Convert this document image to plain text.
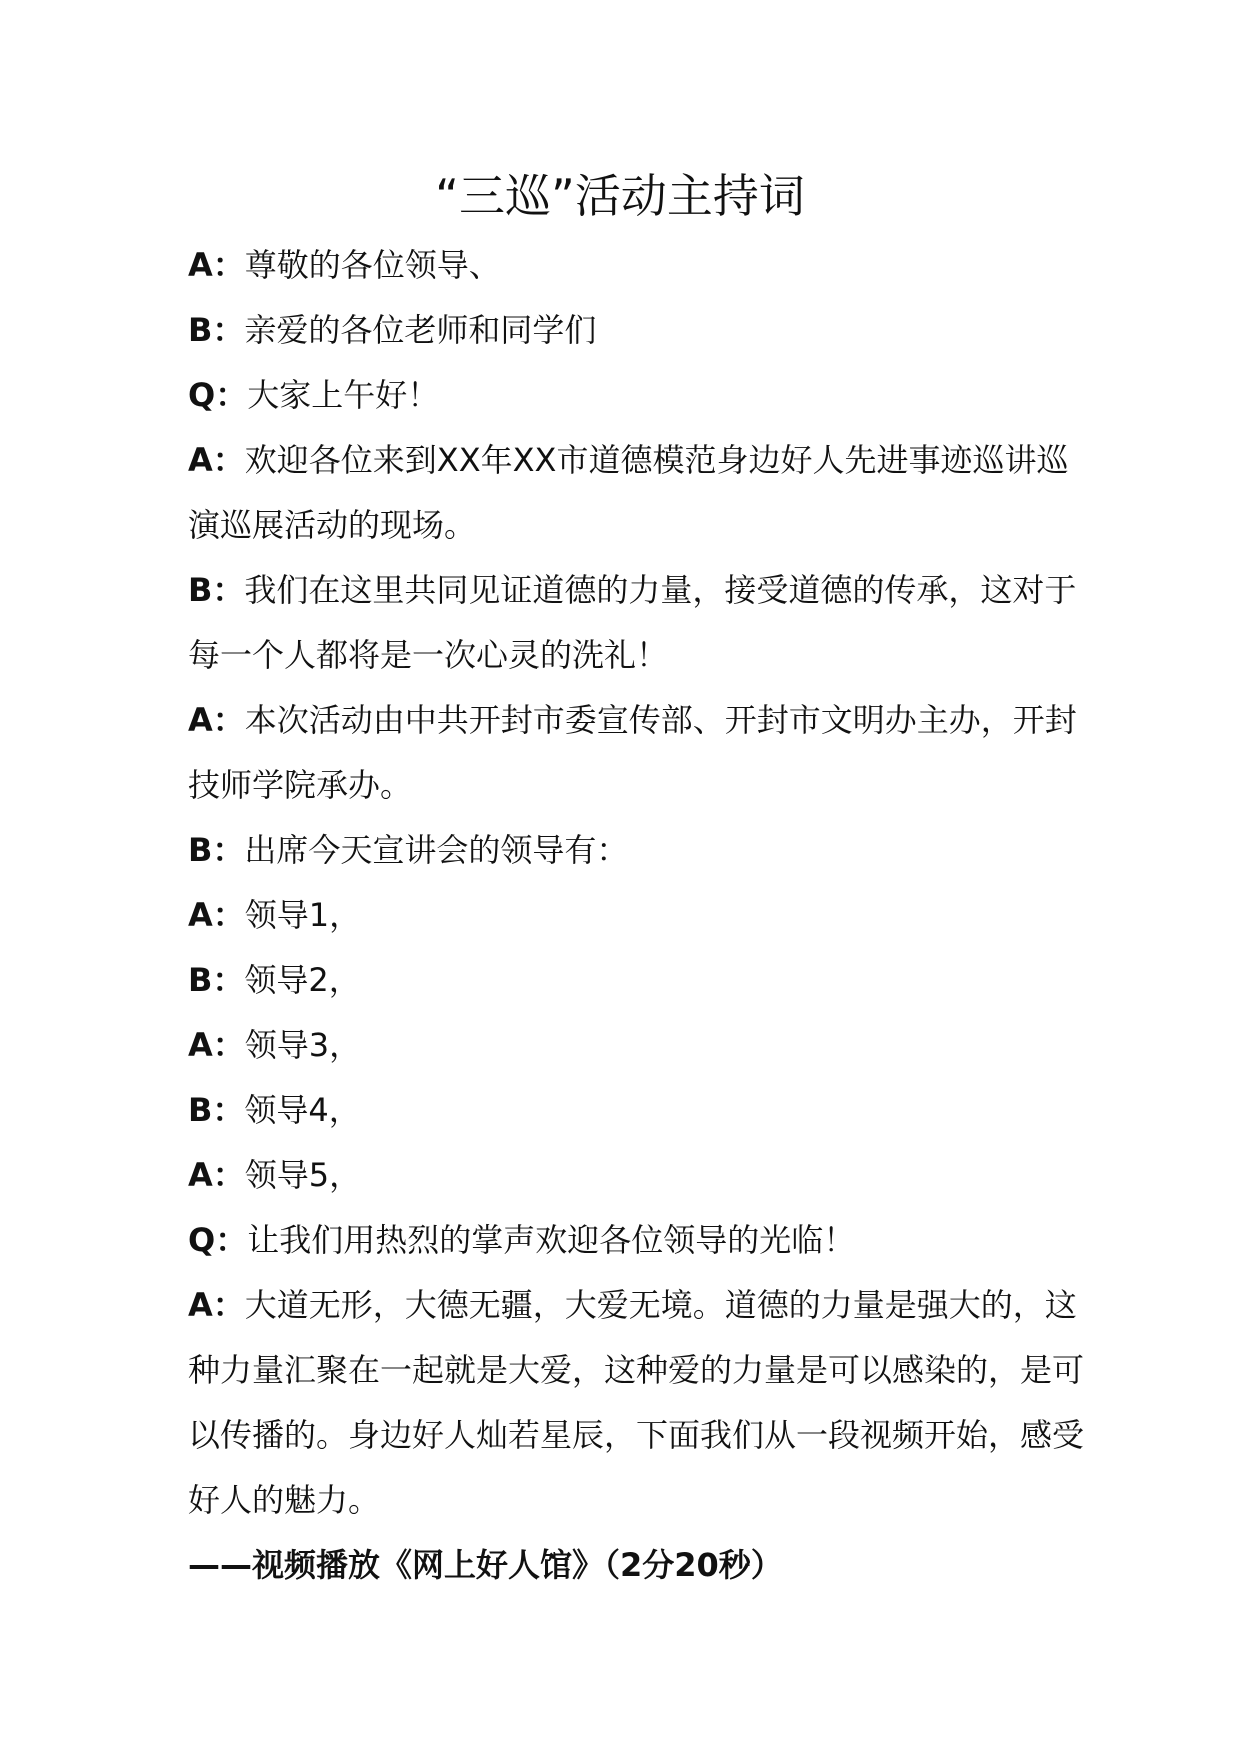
“三巡”活动主持词

A：尊敬的各位领导、

B：亲爱的各位老师和同学们

Q：大家上午好！

A：欢迎各位来到XX年XX市道德模范身边好人先进事迹巡讲巡演巡展活动的现场。

B：我们在这里共同见证道德的力量，接受道德的传承，这对于每一个人都将是一次心灵的洗礼！

A：本次活动由中共开封市委宣传部、开封市文明办主办，开封技师学院承办。

B：出席今天宣讲会的领导有：

A：领导1，

B：领导2，

A：领导3，

B：领导4，

A：领导5，

Q：让我们用热烈的掌声欢迎各位领导的光临！

A：大道无形，大德无疆，大爱无境。道德的力量是强大的，这种力量汇聚在一起就是大爱，这种爱的力量是可以感染的，是可以传播的。身边好人灿若星辰，下面我们从一段视频开始，感受好人的魅力。

——视频播放《网上好人馆》（2分20秒）
